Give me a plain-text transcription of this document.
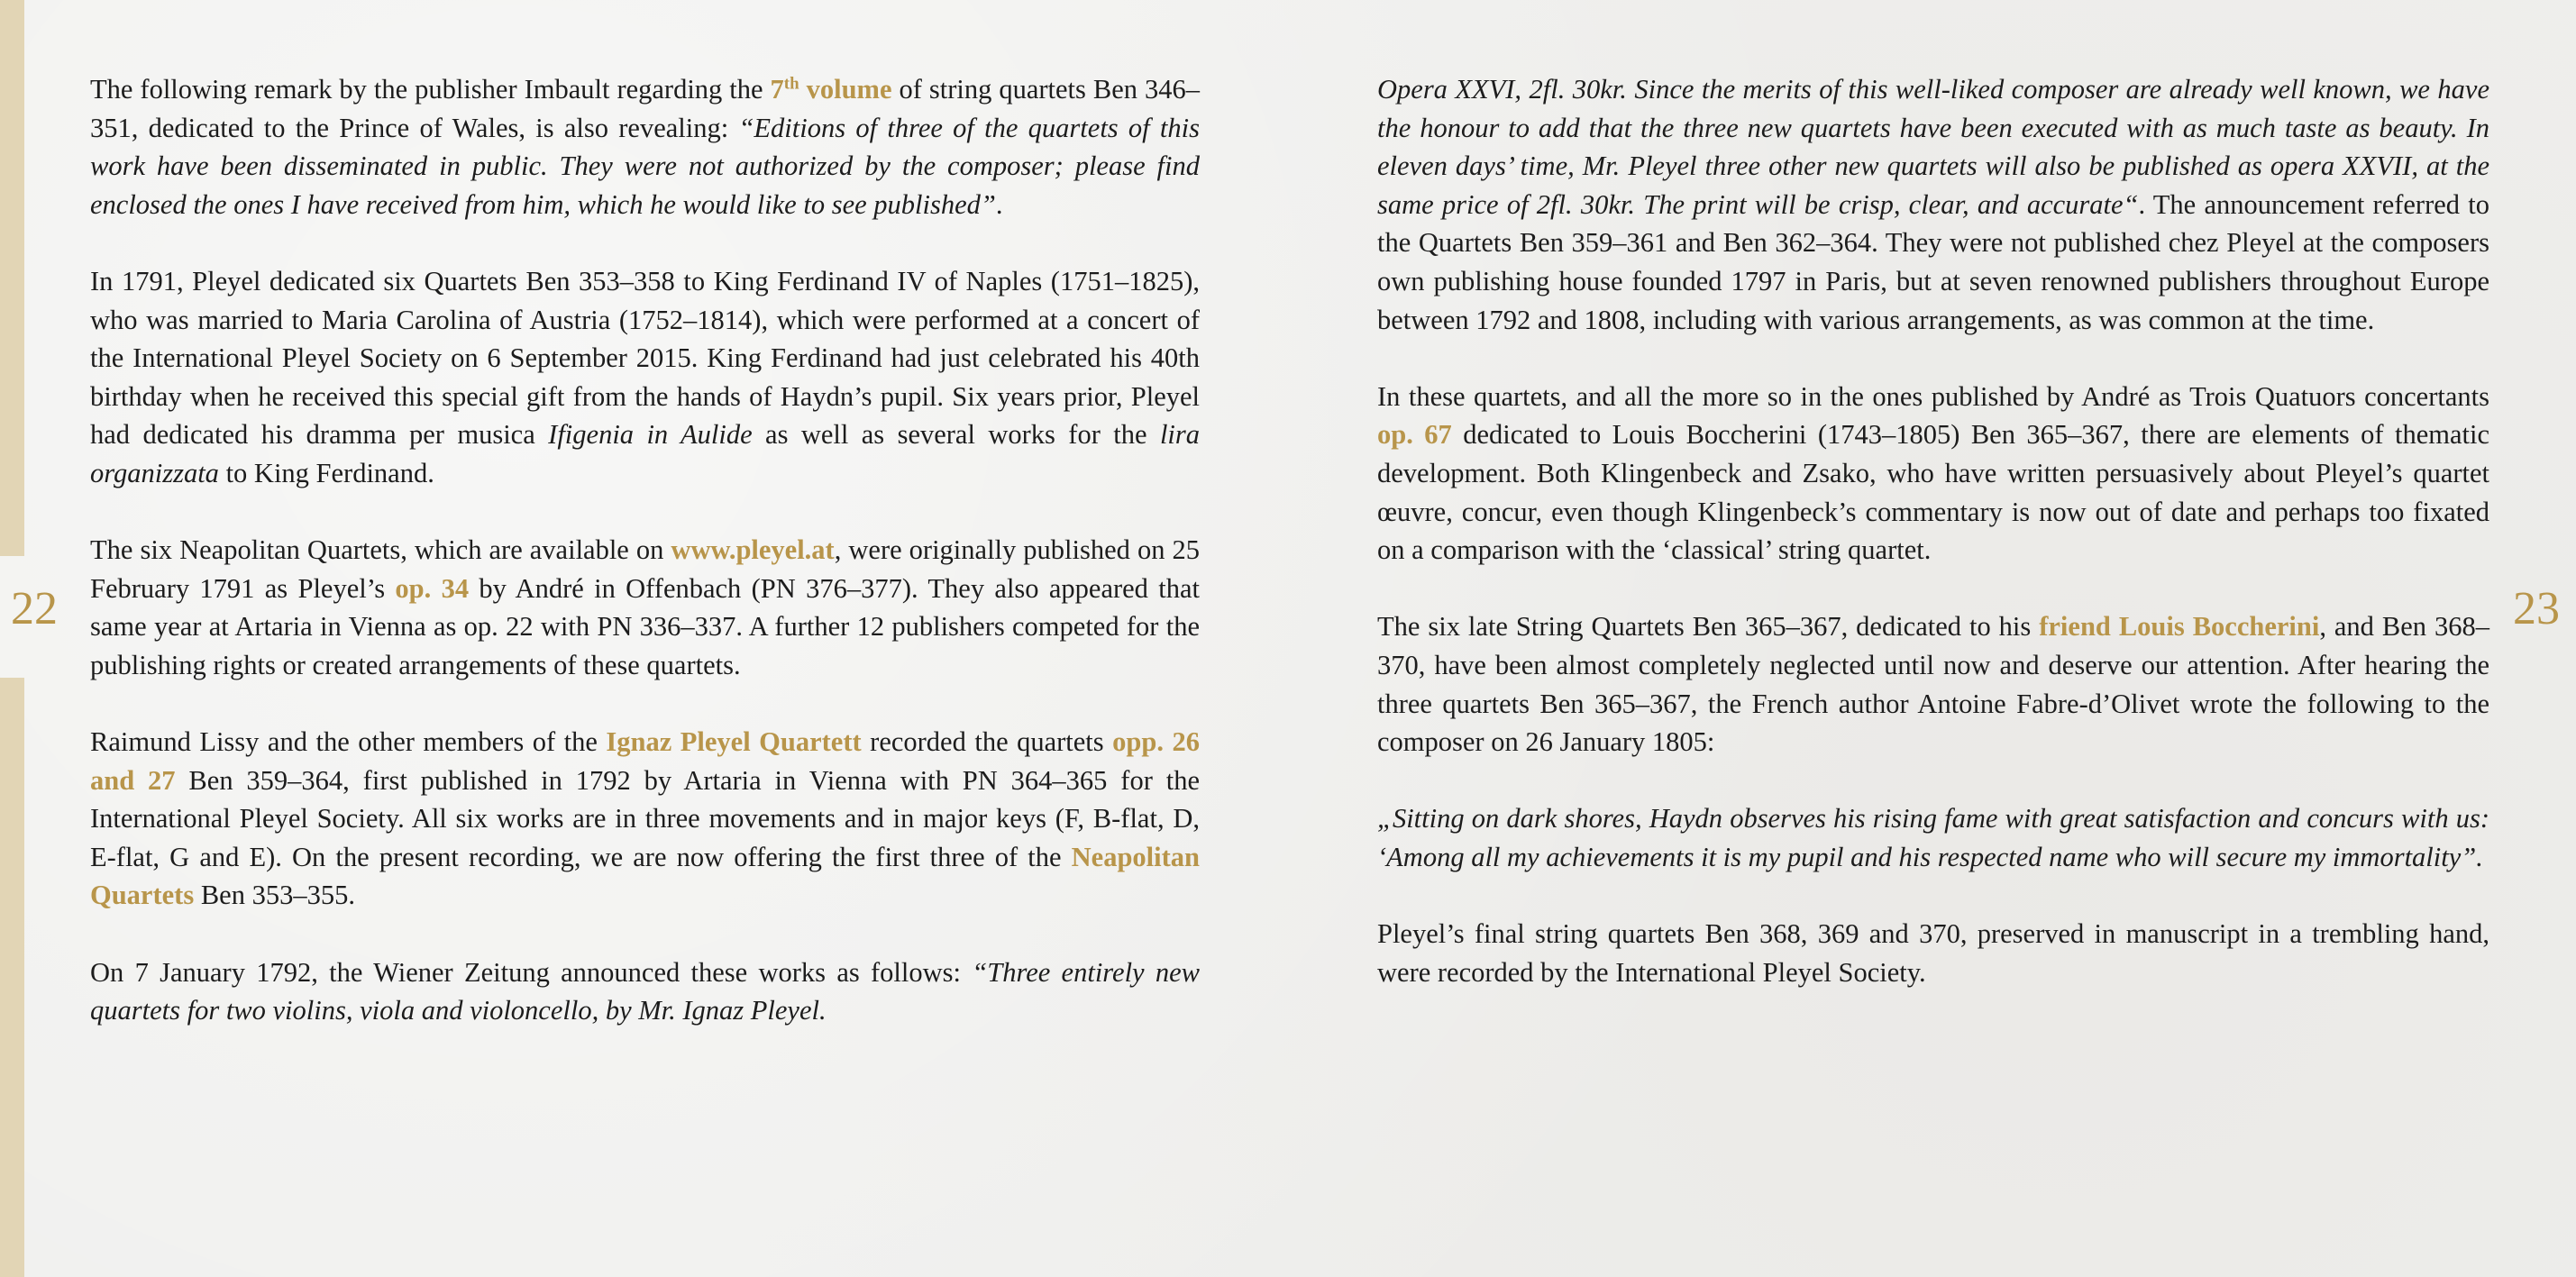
22	23

The following remark by the publisher Imbault regarding the 7th volume of string quartets Ben 346–351, dedicated to the Prince of Wales, is also revealing: “Editions of three of the quartets of this work have been disseminated in public. They were not authorized by the composer; please find enclosed the ones I have received from him, which he would like to see published”.

In 1791, Pleyel dedicated six Quartets Ben 353–358 to King Ferdinand IV of Naples (1751–1825), who was married to Maria Carolina of Austria (1752–1814), which were performed at a concert of the International Pleyel Society on 6 September 2015. King Ferdinand had just celebrated his 40th birthday when he received this special gift from the hands of Haydn’s pupil. Six years prior, Pleyel had dedicated his dramma per musica Ifigenia in Aulide as well as several works for the lira organizzata to King Ferdinand.

The six Neapolitan Quartets, which are available on www.pleyel.at, were originally published on 25 February 1791 as Pleyel’s op. 34 by André in Offenbach (PN 376–377). They also appeared that same year at Artaria in Vienna as op. 22 with PN 336–337. A further 12 publishers competed for the publishing rights or created arrangements of these quartets.

Raimund Lissy and the other members of the Ignaz Pleyel Quartett recorded the quartets opp. 26 and 27 Ben 359–364, first published in 1792 by Artaria in Vienna with PN 364–365 for the International Pleyel Society. All six works are in three movements and in major keys (F, B-flat, D, E-flat, G and E). On the present recording, we are now offering the first three of the Neapolitan Quartets Ben 353–355.

On 7 January 1792, the Wiener Zeitung announced these works as follows: “Three entirely new quartets for two violins, viola and violoncello, by Mr. Ignaz Pleyel.

Opera XXVI, 2fl. 30kr. Since the merits of this well-liked composer are already well known, we have the honour to add that the three new quartets have been executed with as much taste as beauty. In eleven days’ time, Mr. Pleyel three other new quartets will also be published as opera XXVII, at the same price of 2fl. 30kr. The print will be crisp, clear, and accurate“. The announcement referred to the Quartets Ben 359–361 and Ben 362–364. They were not published chez Pleyel at the composers own publishing house founded 1797 in Paris, but at seven renowned publishers throughout Europe between 1792 and 1808, including with various arrangements, as was common at the time.

In these quartets, and all the more so in the ones published by André as Trois Quatuors concertants op. 67 dedicated to Louis Boccherini (1743–1805) Ben 365–367, there are elements of thematic development. Both Klingenbeck and Zsako, who have written persuasively about Pleyel’s quartet œuvre, concur, even though Klingenbeck’s commentary is now out of date and perhaps too fixated on a comparison with the ‘classical’ string quartet.

The six late String Quartets Ben 365–367, dedicated to his friend Louis Boccherini, and Ben 368–370, have been almost completely neglected until now and deserve our attention. After hearing the three quartets Ben 365–367, the French author Antoine Fabre-d’Olivet wrote the following to the composer on 26 January 1805:

„Sitting on dark shores, Haydn observes his rising fame with great satisfaction and concurs with us: ‘Among all my achievements it is my pupil and his respected name who will secure my immortality”.

Pleyel’s final string quartets Ben 368, 369 and 370, preserved in manuscript in a trembling hand, were recorded by the International Pleyel Society.
